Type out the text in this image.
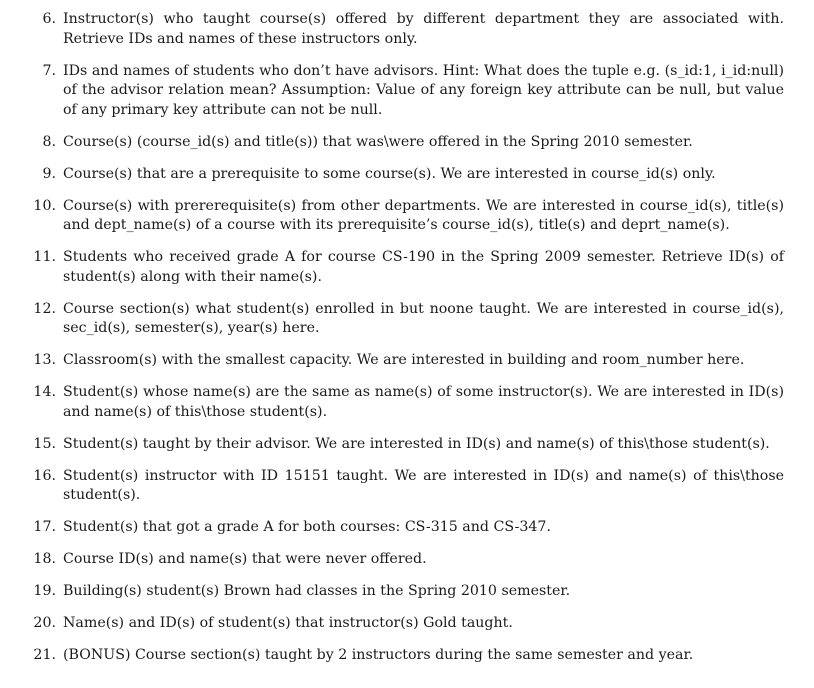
6. Instructor(s) who taught course(s) offered by different department they are associated with. Retrieve IDs and names of these instructors only.
7. IDs and names of students who don’t have advisors. Hint: What does the tuple e.g. (s_id:1, i_id:null) of the advisor relation mean? Assumption: Value of any foreign key attribute can be null, but value of any primary key attribute can not be null.
8. Course(s) (course_id(s) and title(s)) that was\were offered in the Spring 2010 semester.
9. Course(s) that are a prerequisite to some course(s). We are interested in course_id(s) only.
10. Course(s) with prererequisite(s) from other departments. We are interested in course_id(s), title(s) and dept_name(s) of a course with its prerequisite’s course_id(s), title(s) and deprt_name(s).
11. Students who received grade A for course CS-190 in the Spring 2009 semester. Retrieve ID(s) of student(s) along with their name(s).
12. Course section(s) what student(s) enrolled in but noone taught. We are interested in course_id(s), sec_id(s), semester(s), year(s) here.
13. Classroom(s) with the smallest capacity. We are interested in building and room_number here.
14. Student(s) whose name(s) are the same as name(s) of some instructor(s). We are interested in ID(s) and name(s) of this\those student(s).
15. Student(s) taught by their advisor. We are interested in ID(s) and name(s) of this\those student(s).
16. Student(s) instructor with ID 15151 taught. We are interested in ID(s) and name(s) of this\those student(s).
17. Student(s) that got a grade A for both courses: CS-315 and CS-347.
18. Course ID(s) and name(s) that were never offered.
19. Building(s) student(s) Brown had classes in the Spring 2010 semester.
20. Name(s) and ID(s) of student(s) that instructor(s) Gold taught.
21. (BONUS) Course section(s) taught by 2 instructors during the same semester and year.
